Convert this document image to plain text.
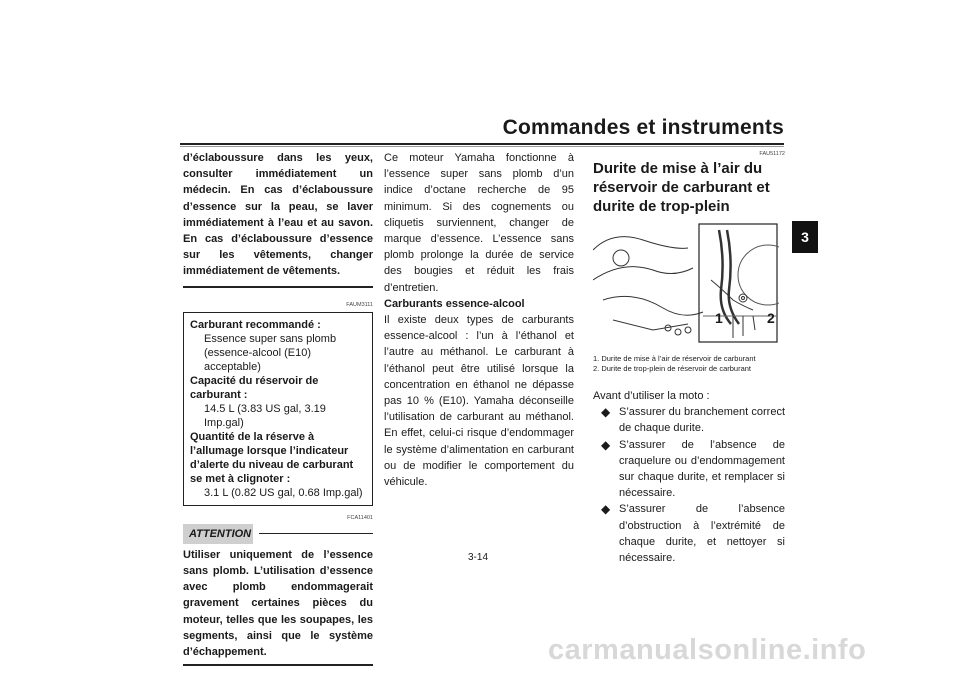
Commandes et instruments
3
d’éclaboussure dans les yeux, consulter immédiatement un médecin. En cas d’éclaboussure d’essence sur la peau, se laver immédiatement à l’eau et au savon. En cas d’éclaboussure d’essence sur les vêtements, changer immédiatement de vêtements.
FAUM3111
Carburant recommandé :
Essence super sans plomb
(essence-alcool (E10) acceptable)
Capacité du réservoir de carburant :
14.5 L (3.83 US gal, 3.19 Imp.gal)
Quantité de la réserve à l’allumage lorsque l’indicateur d’alerte du niveau de carburant se met à clignoter :
3.1 L (0.82 US gal, 0.68 Imp.gal)
FCA11401
ATTENTION
Utiliser uniquement de l’essence sans plomb. L’utilisation d’essence avec plomb endommagerait gravement certaines pièces du moteur, telles que les soupapes, les segments, ainsi que le système d’échappement.
Ce moteur Yamaha fonctionne à l’essence super sans plomb d’un indice d’octane recherche de 95 minimum. Si des cognements ou cliquetis surviennent, changer de marque d’essence. L’essence sans plomb prolonge la durée de service des bougies et réduit les frais d’entretien.
Carburants essence-alcool
Il existe deux types de carburants essence-alcool : l’un à l’éthanol et l’autre au méthanol. Le carburant à l’éthanol peut être utilisé lorsque la concentration en éthanol ne dépasse pas 10 % (E10). Yamaha déconseille l’utilisation de carburant au méthanol. En effet, celui-ci risque d’endommager le système d’alimentation en carburant ou de modifier le comportement du véhicule.
FAU51172
Durite de mise à l’air du réservoir de carburant et durite de trop-plein
1	2
1. Durite de mise à l’air de réservoir de carburant
2. Durite de trop-plein de réservoir de carburant
Avant d’utiliser la moto :
◆ S’assurer du branchement correct de chaque durite.
◆ S’assurer de l’absence de craquelure ou d’endommagement sur chaque durite, et remplacer si nécessaire.
◆ S’assurer de l’absence d’obstruction à l’extrémité de chaque durite, et nettoyer si nécessaire.
3-14
carmanualsonline.info
